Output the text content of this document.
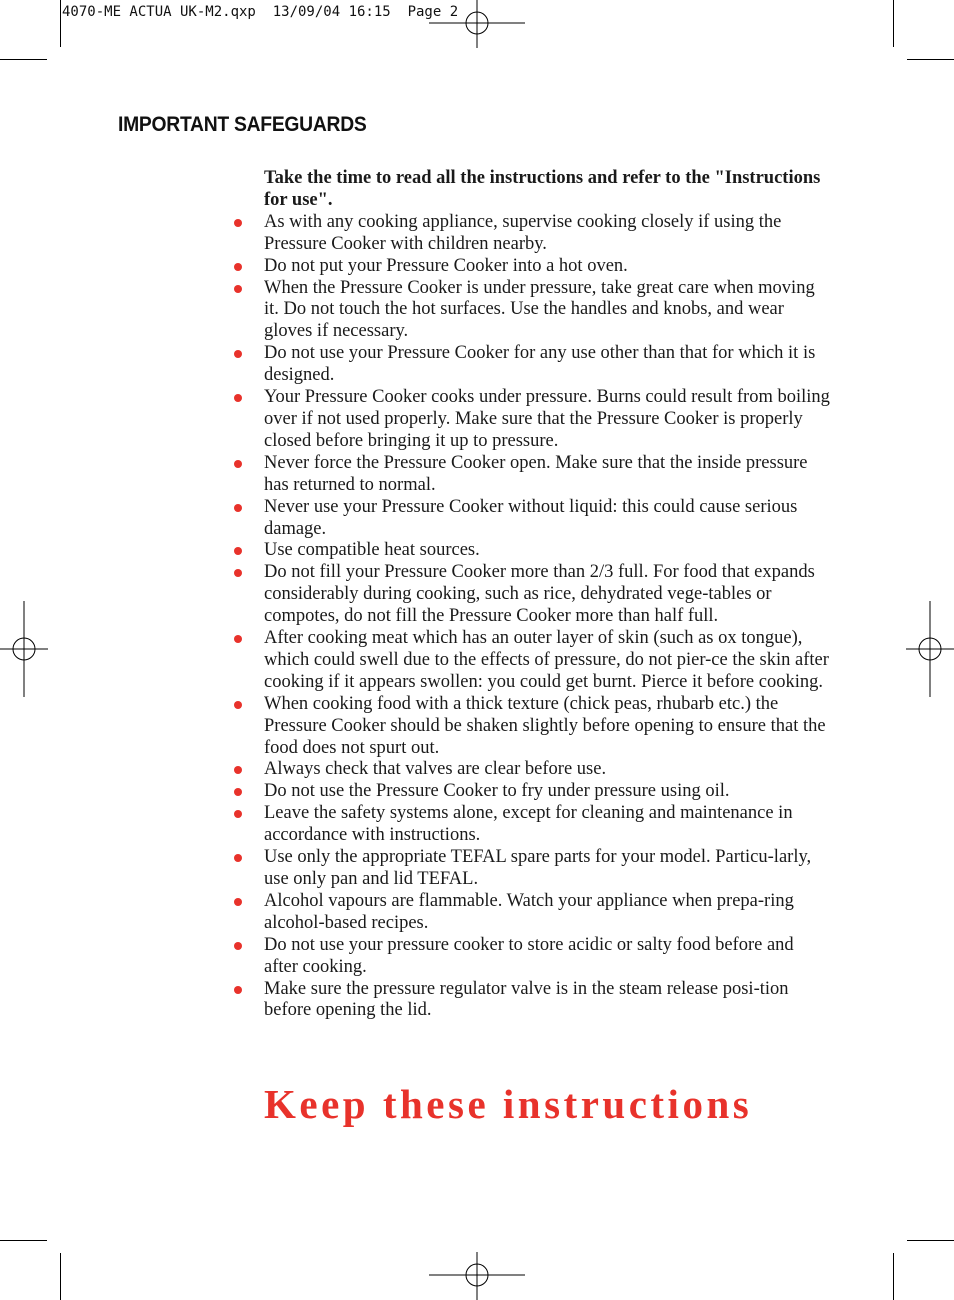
4070-ME ACTUA UK-M2.qxp  13/09/04 16:15  Page 2
IMPORTANT SAFEGUARDS

Take the time to read all the instructions and refer to the "Instructions for use".

As with any cooking appliance, supervise cooking closely if using the Pressure Cooker with children nearby.
Do not put your Pressure Cooker into a hot oven.
When the Pressure Cooker is under pressure, take great care when moving it. Do not touch the hot surfaces. Use the handles and knobs, and wear gloves if necessary.
Do not use your Pressure Cooker for any use other than that for which it is designed.
Your Pressure Cooker cooks under pressure. Burns could result from boiling over if not used properly. Make sure that the Pressure Cooker is properly closed before bringing it up to pressure.
Never force the Pressure Cooker open. Make sure that the inside pressure has returned to normal.
Never use your Pressure Cooker without liquid: this could cause serious damage.
Use compatible heat sources.
Do not fill your Pressure Cooker more than 2/3 full. For food that expands considerably during cooking, such as rice, dehydrated vege-tables or compotes, do not fill the Pressure Cooker more than half full.
After cooking meat which has an outer layer of skin (such as ox tongue), which could swell due to the effects of pressure, do not pier-ce the skin after cooking if it appears swollen: you could get burnt. Pierce it before cooking.
When cooking food with a thick texture (chick peas, rhubarb etc.) the Pressure Cooker should be shaken slightly before opening to ensure that the food does not spurt out.
Always check that valves are clear before use.
Do not use the Pressure Cooker to fry under pressure using oil.
Leave the safety systems alone, except for cleaning and maintenance in accordance with instructions.
Use only the appropriate TEFAL spare parts for your model. Particu-larly, use only pan and lid TEFAL.
Alcohol vapours are flammable. Watch your appliance when prepa-ring alcohol-based recipes.
Do not use your pressure cooker to store acidic or salty food before and after cooking.
Make sure the pressure regulator valve is in the steam release posi-tion before opening the lid.
Keep these instructions
